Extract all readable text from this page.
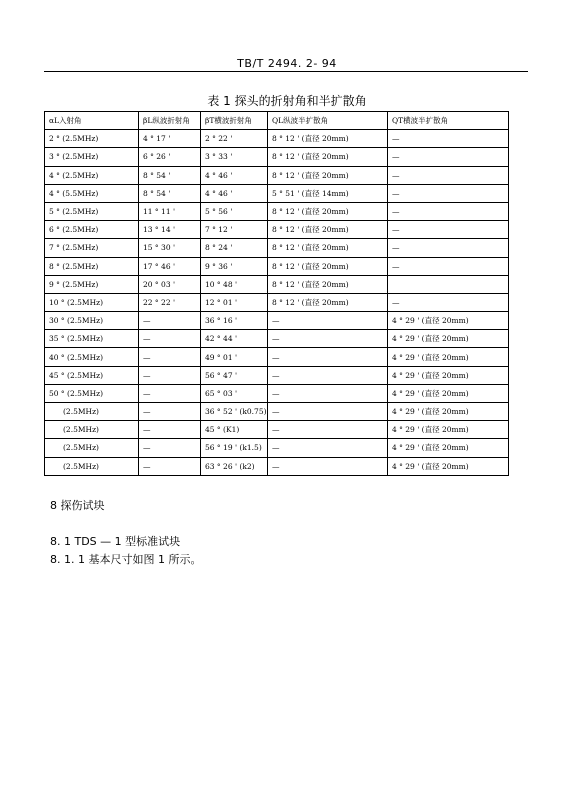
TB/T 2494. 2- 94
表 1 探头的折射角和半扩散角
αL入射角	βL纵波折射角	βT横波折射角	QL纵波半扩散角	QT横波半扩散角
2 ° (2.5MHz)	4 ° 17 '	2 ° 22 '	8 ° 12 ' (直径 20mm)	—
3 ° (2.5MHz)	6 ° 26 '	3 ° 33 '	8 ° 12 ' (直径 20mm)	—
4 ° (2.5MHz)	8 ° 54 '	4 ° 46 '	8 ° 12 ' (直径 20mm)	—
4 ° (5.5MHz)	8 ° 54 '	4 ° 46 '	5 ° 51 ' (直径 14mm)	—
5 ° (2.5MHz)	11 ° 11 '	5 ° 56 '	8 ° 12 ' (直径 20mm)	—
6 ° (2.5MHz)	13 ° 14 '	7 ° 12 '	8 ° 12 ' (直径 20mm)	—
7 ° (2.5MHz)	15 ° 30 '	8 ° 24 '	8 ° 12 ' (直径 20mm)	—
8 ° (2.5MHz)	17 ° 46 '	9 ° 36 '	8 ° 12 ' (直径 20mm)	—
9 ° (2.5MHz)	20 ° 03 '	10 ° 48 '	8 ° 12 ' (直径 20mm)	
10 ° (2.5MHz)	22 ° 22 '	12 ° 01 '	8 ° 12 ' (直径 20mm)	—
30 ° (2.5MHz)	—	36 ° 16 '	—	4 ° 29 ' (直径 20mm)
35 ° (2.5MHz)	—	42 ° 44 '	—	4 ° 29 ' (直径 20mm)
40 ° (2.5MHz)	—	49 ° 01 '	—	4 ° 29 ' (直径 20mm)
45 ° (2.5MHz)	—	56 ° 47 '	—	4 ° 29 ' (直径 20mm)
50 ° (2.5MHz)	—	65 ° 03 '	—	4 ° 29 ' (直径 20mm)
(2.5MHz)	—	36 ° 52 ' (k0.75)	—	4 ° 29 ' (直径 20mm)
(2.5MHz)	—	45 ° (K1)	—	4 ° 29 ' (直径 20mm)
(2.5MHz)	—	56 ° 19 ' (k1.5)	—	4 ° 29 ' (直径 20mm)
(2.5MHz)	—	63 ° 26 ' (k2)	—	4 ° 29 ' (直径 20mm)
8 探伤试块
8. 1 TDS — 1 型标准试块
8. 1. 1 基本尺寸如图 1 所示。
